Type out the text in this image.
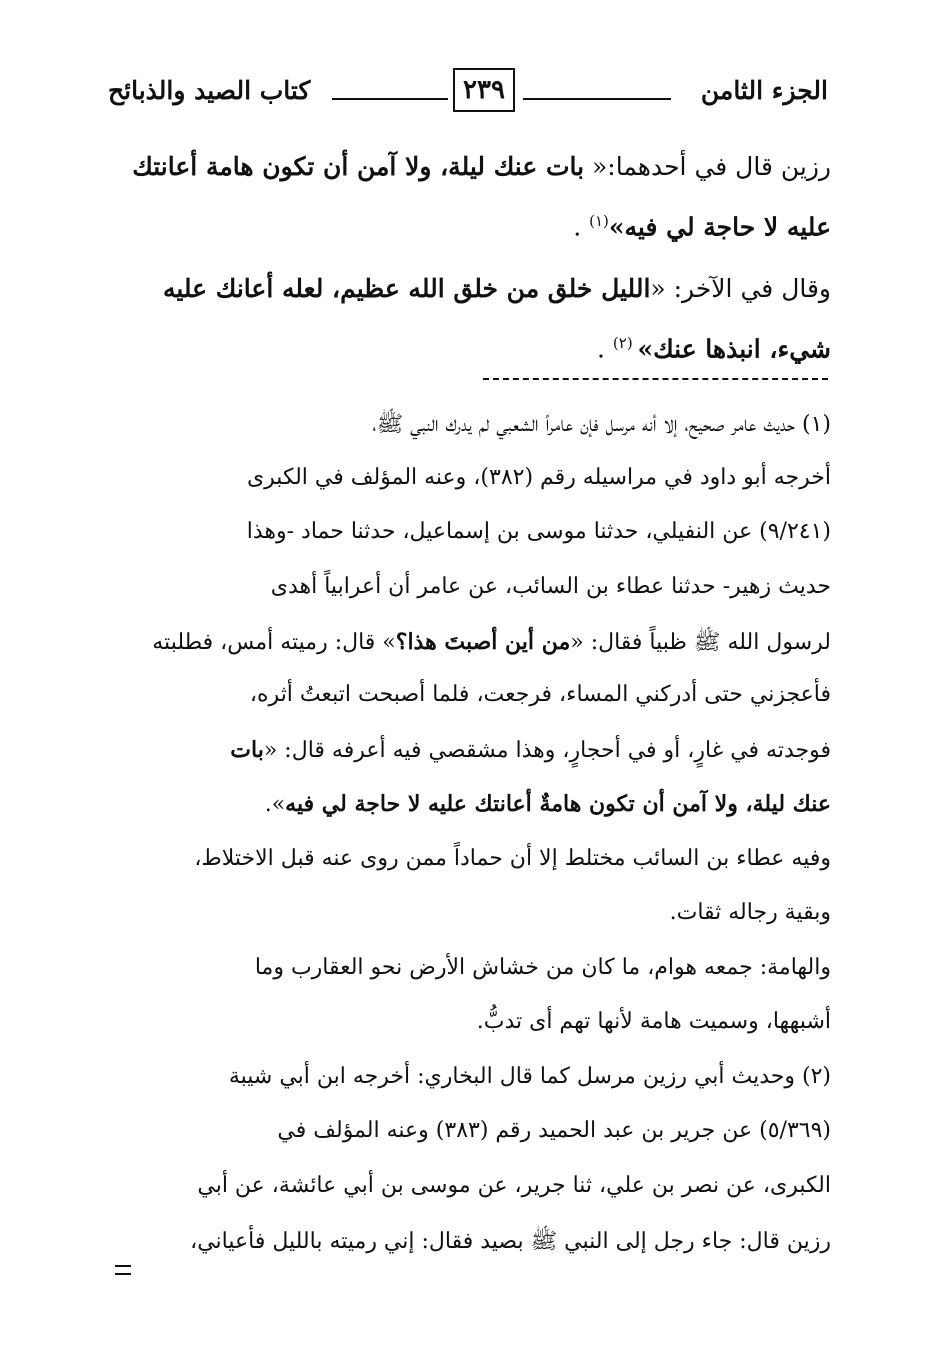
الجزء الثامن
٢٣٩
كتاب الصيد والذبائح
رزين قال في أحدهما:« بات عنك ليلة، ولا آمن أن تكون هامة أعانتك
عليه لا حاجة لي فيه»$^{(١)}$ .
وقال في الآخر: «الليل خلق من خلق الله عظيم، لعله أعانك عليه
شيء، انبذها عنك» $^{(٢)}$ .
(١) حديث عامر صحيح، إلا أنه مرسل فإن عامراً الشعبي لم يدرك النبي ﷺ،
أخرجه أبو داود في مراسيله رقم (٣٨٢)، وعنه المؤلف في الكبرى
(٩/٢٤١) عن النفيلي، حدثنا موسى بن إسماعيل، حدثنا حماد -وهذا
حديث زهير- حدثنا عطاء بن السائب، عن عامر أن أعرابياً أهدى
لرسول الله ﷺ ظبياً فقال: «من أين أصبتَ هذا؟» قال: رميته أمس، فطلبته
فأعجزني حتى أدركني المساء، فرجعت، فلما أصبحت اتبعتُ أثره،
فوجدته في غارٍ، أو في أحجارٍ، وهذا مشقصي فيه أعرفه قال: «بات
عنك ليلة، ولا آمن أن تكون هامةٌ أعانتك عليه لا حاجة لي فيه».
وفيه عطاء بن السائب مختلط إلا أن حماداً ممن روى عنه قبل الاختلاط،
وبقية رجاله ثقات.
والهامة: جمعه هوام، ما كان من خشاش الأرض نحو العقارب وما
أشبهها، وسميت هامة لأنها تهم أى تدبُّ.
(٢) وحديث أبي رزين مرسل كما قال البخاري: أخرجه ابن أبي شيبة
(٥/٣٦٩) عن جرير بن عبد الحميد رقم (٣٨٣) وعنه المؤلف في
الكبرى، عن نصر بن علي، ثنا جرير، عن موسى بن أبي عائشة، عن أبي
رزين قال: جاء رجل إلى النبي ﷺ بصيد فقال: إني رميته بالليل فأعياني،
